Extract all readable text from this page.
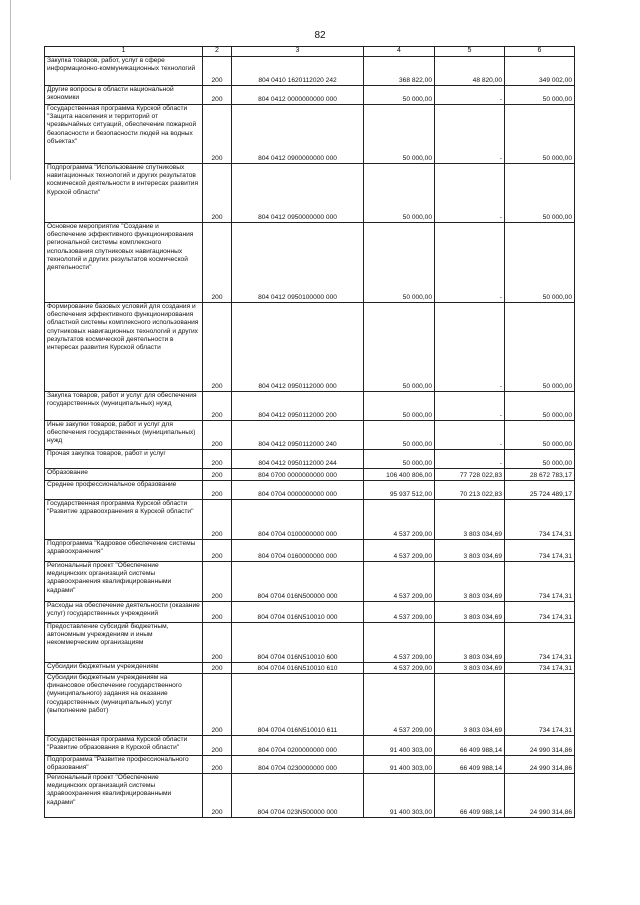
82
1	2	3	4	5	6
Закупка товаров, работ, услуг в сфере информационно-коммуникационных технологий	200	804 0410 1620112020 242	368 822,00	48 820,00	349 002,00
Другие вопросы в области национальной экономики	200	804 0412 0000000000 000	50 000,00	-	50 000,00
Государственная программа Курской области "Защита населения и территорий от чрезвычайных ситуаций, обеспечение пожарной безопасности и безопасности людей на водных объектах"	200	804 0412 0900000000 000	50 000,00	-	50 000,00
Подпрограмма "Использование спутниковых навигационных технологий и других результатов космической деятельности в интересах развития Курской области"	200	804 0412 0950000000 000	50 000,00	-	50 000,00
Основное мероприятие "Создание и обеспечение эффективного функционирования региональной системы комплексного использования спутниковых навигационных технологий и других результатов космической деятельности"	200	804 0412 0950100000 000	50 000,00	-	50 000,00
Формирование базовых условий для создания и обеспечения эффективного функционирования областной системы комплексного использования спутниковых навигационных технологий и других результатов космической деятельности в интересах развития Курской области	200	804 0412 0950112000 000	50 000,00	-	50 000,00
Закупка товаров, работ и услуг для обеспечения государственных (муниципальных) нужд	200	804 0412 0950112000 200	50 000,00	-	50 000,00
Иные закупки товаров, работ и услуг для обеспечения государственных (муниципальных) нужд	200	804 0412 0950112000 240	50 000,00	-	50 000,00
Прочая закупка товаров, работ и услуг	200	804 0412 0950112000 244	50 000,00	-	50 000,00
Образование	200	804 0700 0000000000 000	106 400 806,00	77 728 022,83	28 672 783,17
Среднее профессиональное образование	200	804 0704 0000000000 000	95 937 512,00	70 213 022,83	25 724 489,17
Государственная программа Курской области "Развитие здравоохранения в Курской области"	200	804 0704 0100000000 000	4 537 209,00	3 803 034,69	734 174,31
Подпрограмма "Кадровое обеспечение системы здравоохранения"	200	804 0704 0160000000 000	4 537 209,00	3 803 034,69	734 174,31
Региональный проект "Обеспечение медицинских организаций системы здравоохранения квалифицированными кадрами"	200	804 0704 016N500000 000	4 537 209,00	3 803 034,69	734 174,31
Расходы на обеспечение деятельности (оказание услуг) государственных учреждений	200	804 0704 016N510010 000	4 537 209,00	3 803 034,69	734 174,31
Предоставление субсидий бюджетным, автономным учреждениям и иным некоммерческим организациям	200	804 0704 016N510010 600	4 537 209,00	3 803 034,69	734 174,31
Субсидии бюджетным учреждениям	200	804 0704 016N510010 610	4 537 209,00	3 803 034,69	734 174,31
Субсидии бюджетным учреждениям на финансовое обеспечение государственного (муниципального) задания на оказание государственных (муниципальных) услуг (выполнение работ)	200	804 0704 016N510010 611	4 537 209,00	3 803 034,69	734 174,31
Государственная программа Курской области "Развитие образования в Курской области"	200	804 0704 0200000000 000	91 400 303,00	66 409 988,14	24 990 314,86
Подпрограмма "Развитие профессионального образования"	200	804 0704 0230000000 000	91 400 303,00	66 409 988,14	24 990 314,86
Региональный проект "Обеспечение медицинских организаций системы здравоохранения квалифицированными кадрами"	200	804 0704 023N500000 000	91 400 303,00	66 409 988,14	24 990 314,86
